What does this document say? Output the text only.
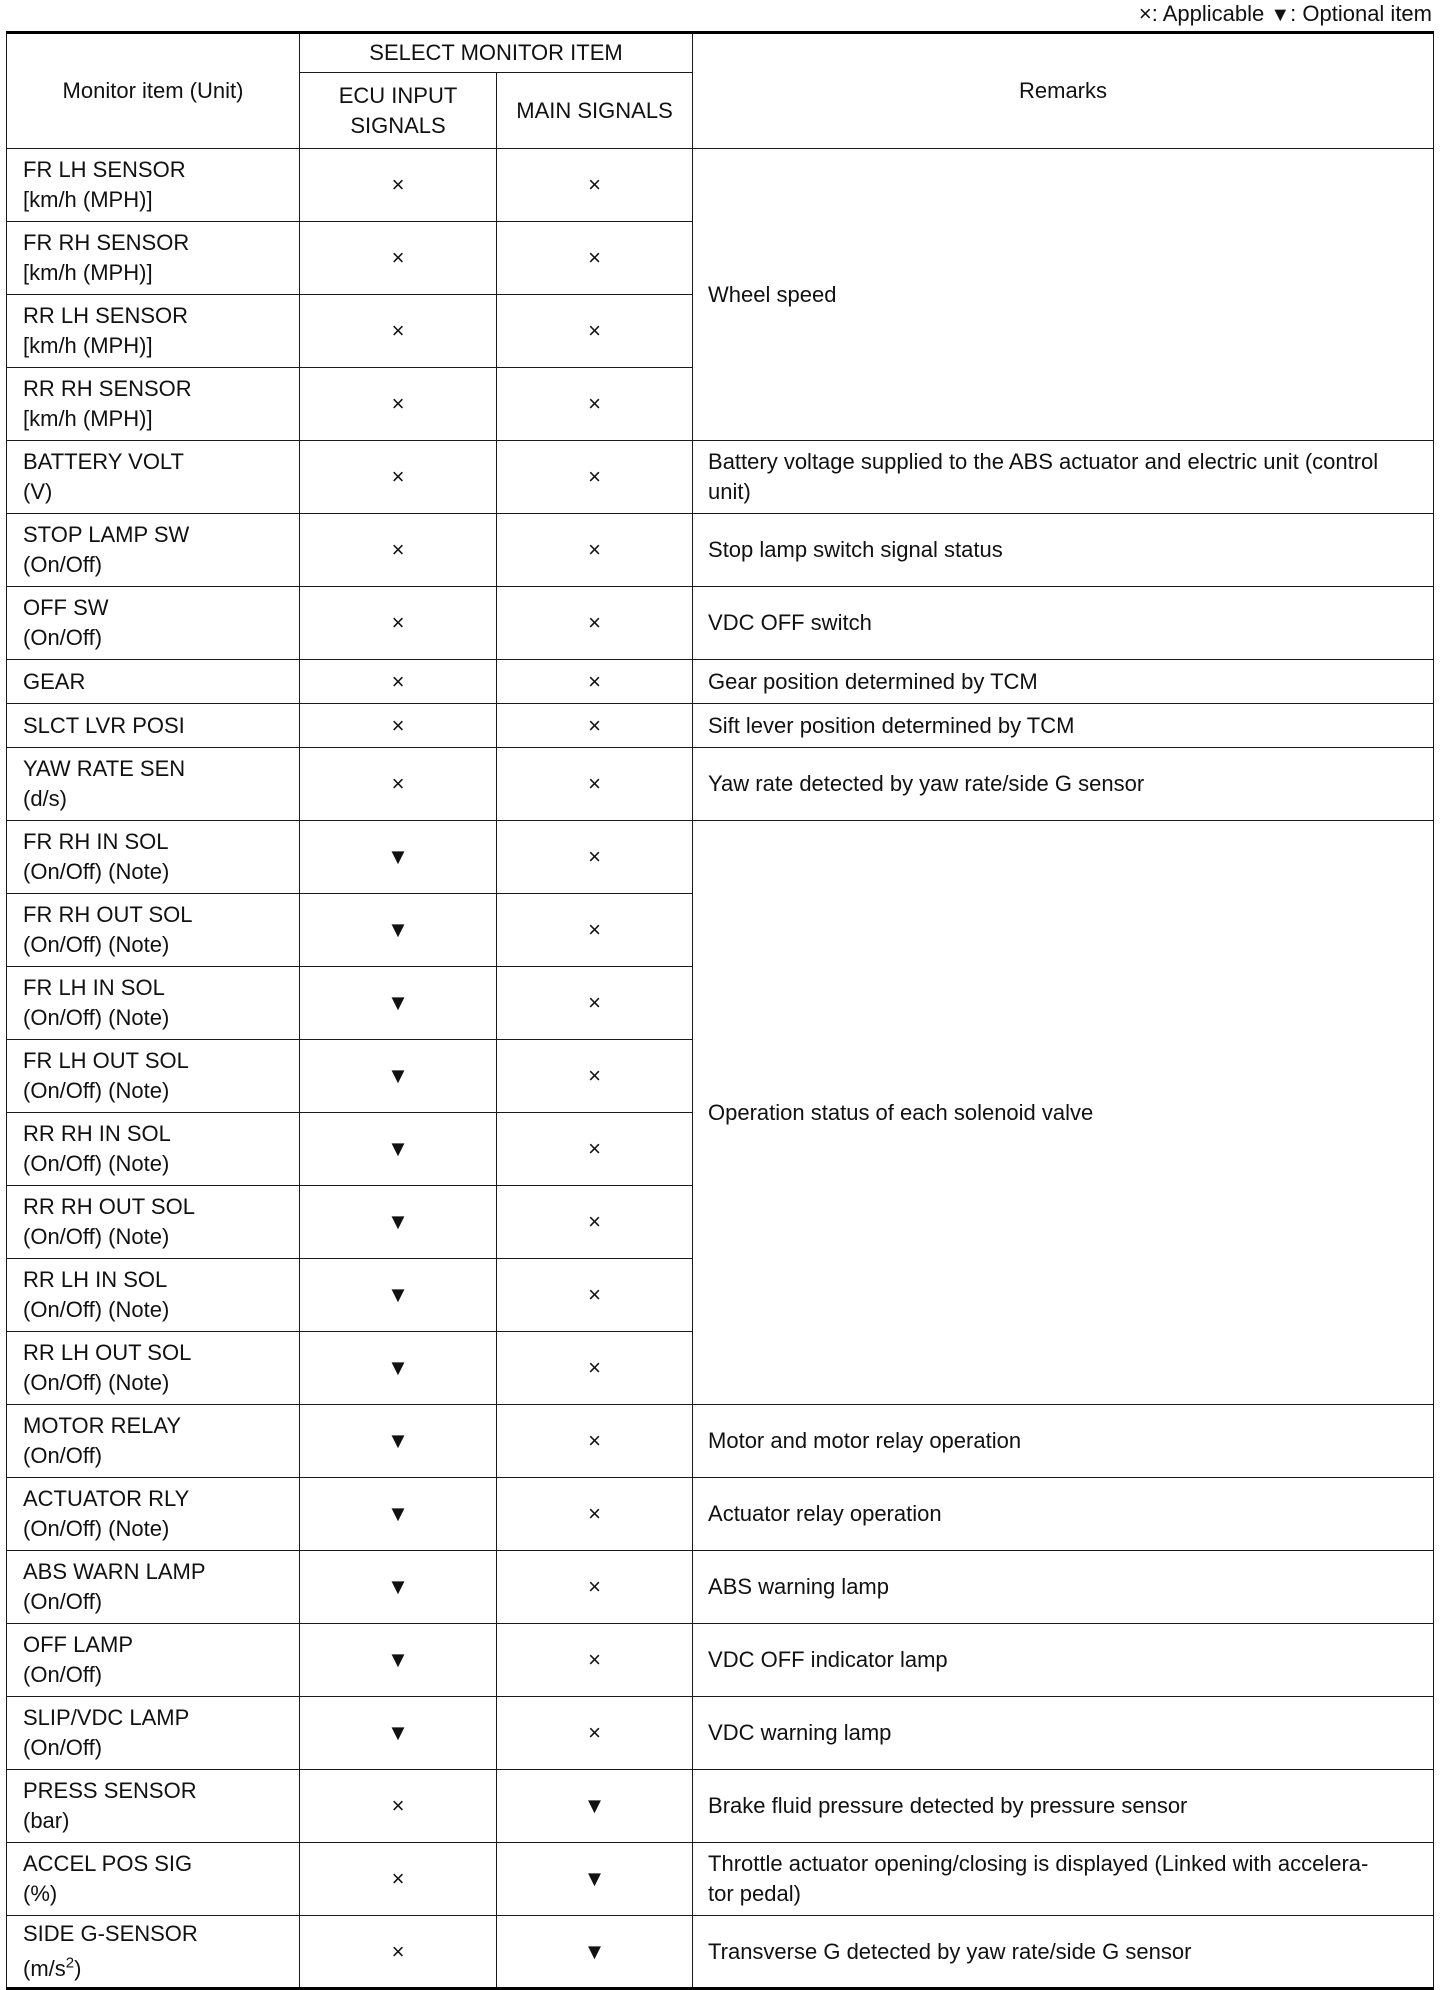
×: Applicable ▼: Optional item
Monitor item (Unit)	SELECT MONITOR ITEM		Remarks
	ECU INPUT
SIGNALS	MAIN SIGNALS	
FR LH SENSOR
[km/h (MPH)]	×	×	Wheel speed
FR RH SENSOR
[km/h (MPH)]	×	×	
RR LH SENSOR
[km/h (MPH)]	×	×	
RR RH SENSOR
[km/h (MPH)]	×	×	
BATTERY VOLT
(V)	×	×	Battery voltage supplied to the ABS actuator and electric unit (control unit)
STOP LAMP SW
(On/Off)	×	×	Stop lamp switch signal status
OFF SW
(On/Off)	×	×	VDC OFF switch
GEAR	×	×	Gear position determined by TCM
SLCT LVR POSI	×	×	Sift lever position determined by TCM
YAW RATE SEN
(d/s)	×	×	Yaw rate detected by yaw rate/side G sensor
FR RH IN SOL
(On/Off) (Note)	▼	×	Operation status of each solenoid valve
FR RH OUT SOL
(On/Off) (Note)	▼	×	
FR LH IN SOL
(On/Off) (Note)	▼	×	
FR LH OUT SOL
(On/Off) (Note)	▼	×	
RR RH IN SOL
(On/Off) (Note)	▼	×	
RR RH OUT SOL
(On/Off) (Note)	▼	×	
RR LH IN SOL
(On/Off) (Note)	▼	×	
RR LH OUT SOL
(On/Off) (Note)	▼	×	
MOTOR RELAY
(On/Off)	▼	×	Motor and motor relay operation
ACTUATOR RLY
(On/Off) (Note)	▼	×	Actuator relay operation
ABS WARN LAMP
(On/Off)	▼	×	ABS warning lamp
OFF LAMP
(On/Off)	▼	×	VDC OFF indicator lamp
SLIP/VDC LAMP
(On/Off)	▼	×	VDC warning lamp
PRESS SENSOR
(bar)	×	▼	Brake fluid pressure detected by pressure sensor
ACCEL POS SIG
(%)	×	▼	Throttle actuator opening/closing is displayed (Linked with accelera-
tor pedal)
SIDE G-SENSOR
$(m/s^2)$	×	▼	Transverse G detected by yaw rate/side G sensor
